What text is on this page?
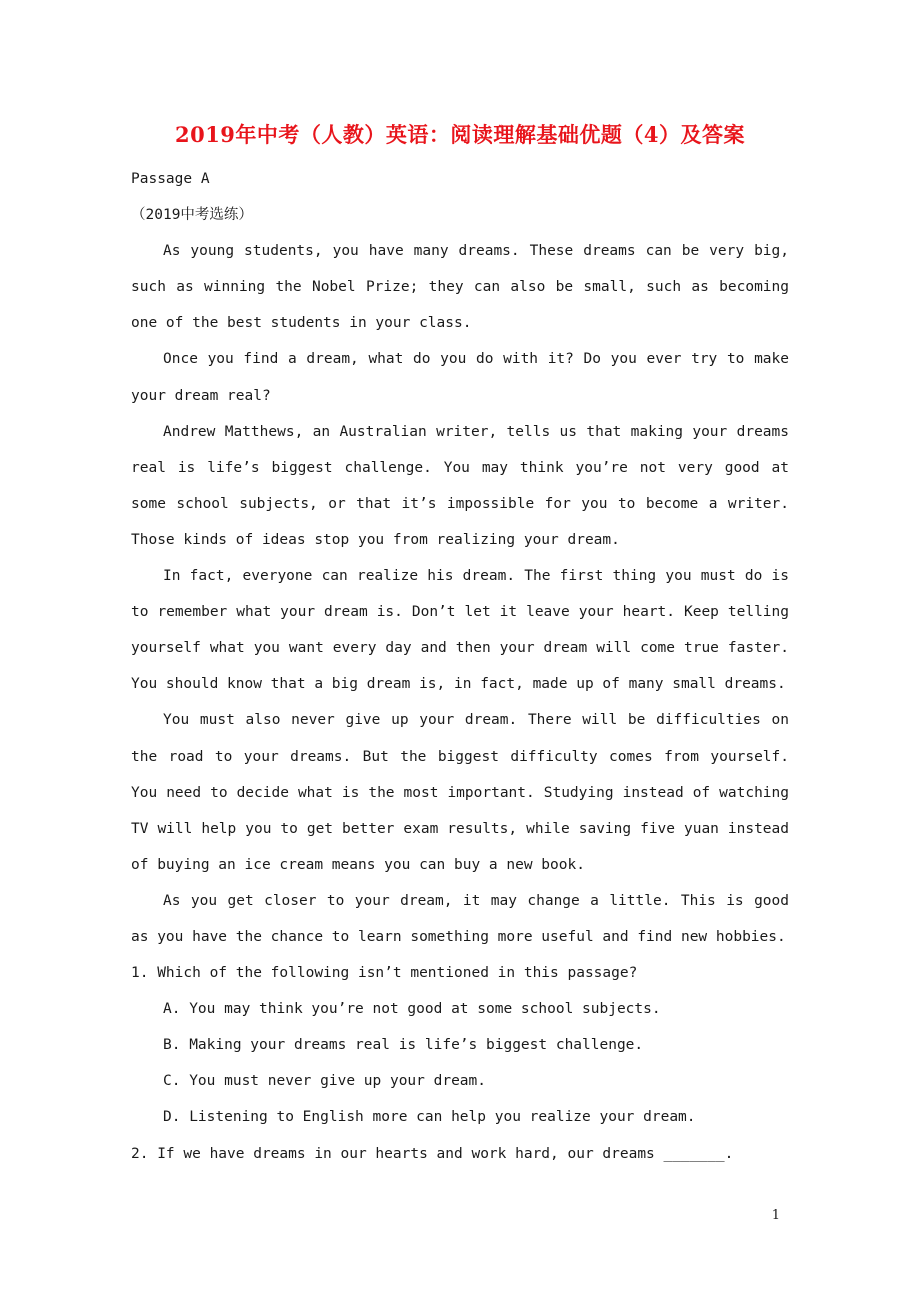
2019年中考（人教）英语：阅读理解基础优题（4）及答案

Passage A

（2019中考选练）

As young students, you have many dreams. These dreams can be very big, such as winning the Nobel Prize; they can also be small, such as becoming one of the best students in your class.

Once you find a dream, what do you do with it? Do you ever try to make your dream real?

Andrew Matthews, an Australian writer, tells us that making your dreams real is life’s biggest challenge. You may think you’re not very good at some school subjects, or that it’s impossible for you to become a writer. Those kinds of ideas stop you from realizing your dream.

In fact, everyone can realize his dream. The first thing you must do is to remember what your dream is. Don’t let it leave your heart. Keep telling yourself what you want every day and then your dream will come true faster. You should know that a big dream is, in fact, made up of many small dreams.

You must also never give up your dream. There will be difficulties on the road to your dreams. But the biggest difficulty comes from yourself. You need to decide what is the most important. Studying instead of watching TV will help you to get better exam results, while saving five yuan instead of buying an ice cream means you can buy a new book.

As you get closer to your dream, it may change a little. This is good as you have the chance to learn something more useful and find new hobbies.

1. Which of the following isn’t mentioned in this passage?

A. You may think you’re not good at some school subjects.

B. Making your dreams real is life’s biggest challenge.

C. You must never give up your dream.

D. Listening to English more can help you realize your dream.

2. If we have dreams in our hearts and work hard, our dreams _______.

1
